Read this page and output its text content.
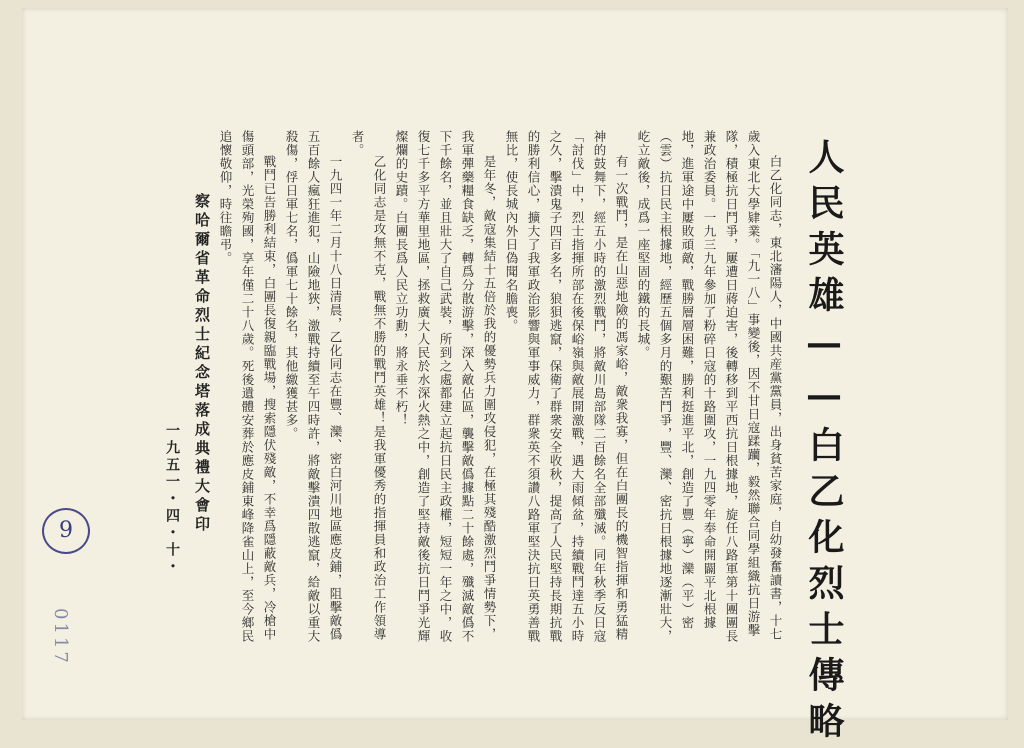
人民英雄——白乙化烈士傳略

白乙化同志，東北瀋陽人，中國共産黨黨員，出身貧苦家庭，自幼發奮讀書，十七歲入東北大學肄業。「九一八」事變後，因不甘日寇蹂躪，毅然聯合同學組織抗日游擊隊，積極抗日鬥爭，屢遭日蔣迫害，後轉移到平西抗日根據地，旋任八路軍第十團團長兼政治委員。一九三九年參加了粉碎日寇的十路圍攻，一九四零年奉命開闢平北根據地，進軍途中屢敗頑敵，戰勝層層困難，勝利挺進平北，創造了豐（寧）灤（平）密（雲）抗日民主根據地，經歷五個多月的艱苦鬥爭，豐、灤、密抗日根據地逐漸壯大，屹立敵後，成爲一座堅固的鐵的長城。

有一次戰鬥，是在山惡地險的馮家峪，敵衆我寡，但在白團長的機智指揮和勇猛精神的鼓舞下，經五小時的激烈戰鬥，將敵川島部隊二百餘名全部殲滅。同年秋季反日寇「討伐」中，烈士指揮所部在後保峪嶺與敵展開激戰，遇大雨傾盆，持續戰鬥達五小時之久，擊潰鬼子四百多名，狼狽逃竄，保衛了群衆安全收秋，提高了人民堅持長期抗戰的勝利信心，擴大了我軍政治影響與軍事威力，群衆英不須讚八路軍堅決抗日英勇善戰無比，使長城內外日偽聞名膽喪。

是年冬，敵寇集結十五倍於我的優勢兵力圍攻侵犯，在極其殘酷激烈鬥爭情勢下，我軍彈藥糧食缺乏，轉爲分散游擊，深入敵佔區，襲擊敵僞據點二十餘處，殲滅敵僞不下千餘名，並且壯大了自己武裝，所到之處都建立起抗日民主政權，短短一年之中，收復七千多平方華里地區，拯救廣大人民於水深火熱之中，創造了堅持敵後抗日鬥爭光輝燦爛的史蹟。白團長爲人民立功勳，將永垂不朽！

乙化同志是攻無不克，戰無不勝的戰鬥英雄！是我軍優秀的指揮員和政治工作領導者。

一九四一年二月十八日清晨，乙化同志在豐、灤、密白河川地區應皮鋪，阻擊敵僞五百餘人瘋狂進犯，山險地狹，激戰持續至午四時許，將敵擊潰四散逃竄，給敵以重大殺傷，俘日軍七名，僞軍七十餘名，其他繳獲甚多。

戰鬥已告勝利結束，白團長復親臨戰場，搜索隱伏殘敵，不幸爲隱蔽敵兵，冷槍中傷頭部，光榮殉國，享年僅二十八歲。死後遺體安葬於應皮鋪東峰降雀山上，至今鄉民追懷敬仰，時往瞻弔。

察哈爾省革命烈士紀念塔落成典禮大會印
一九五一・四・十・
9
0117
